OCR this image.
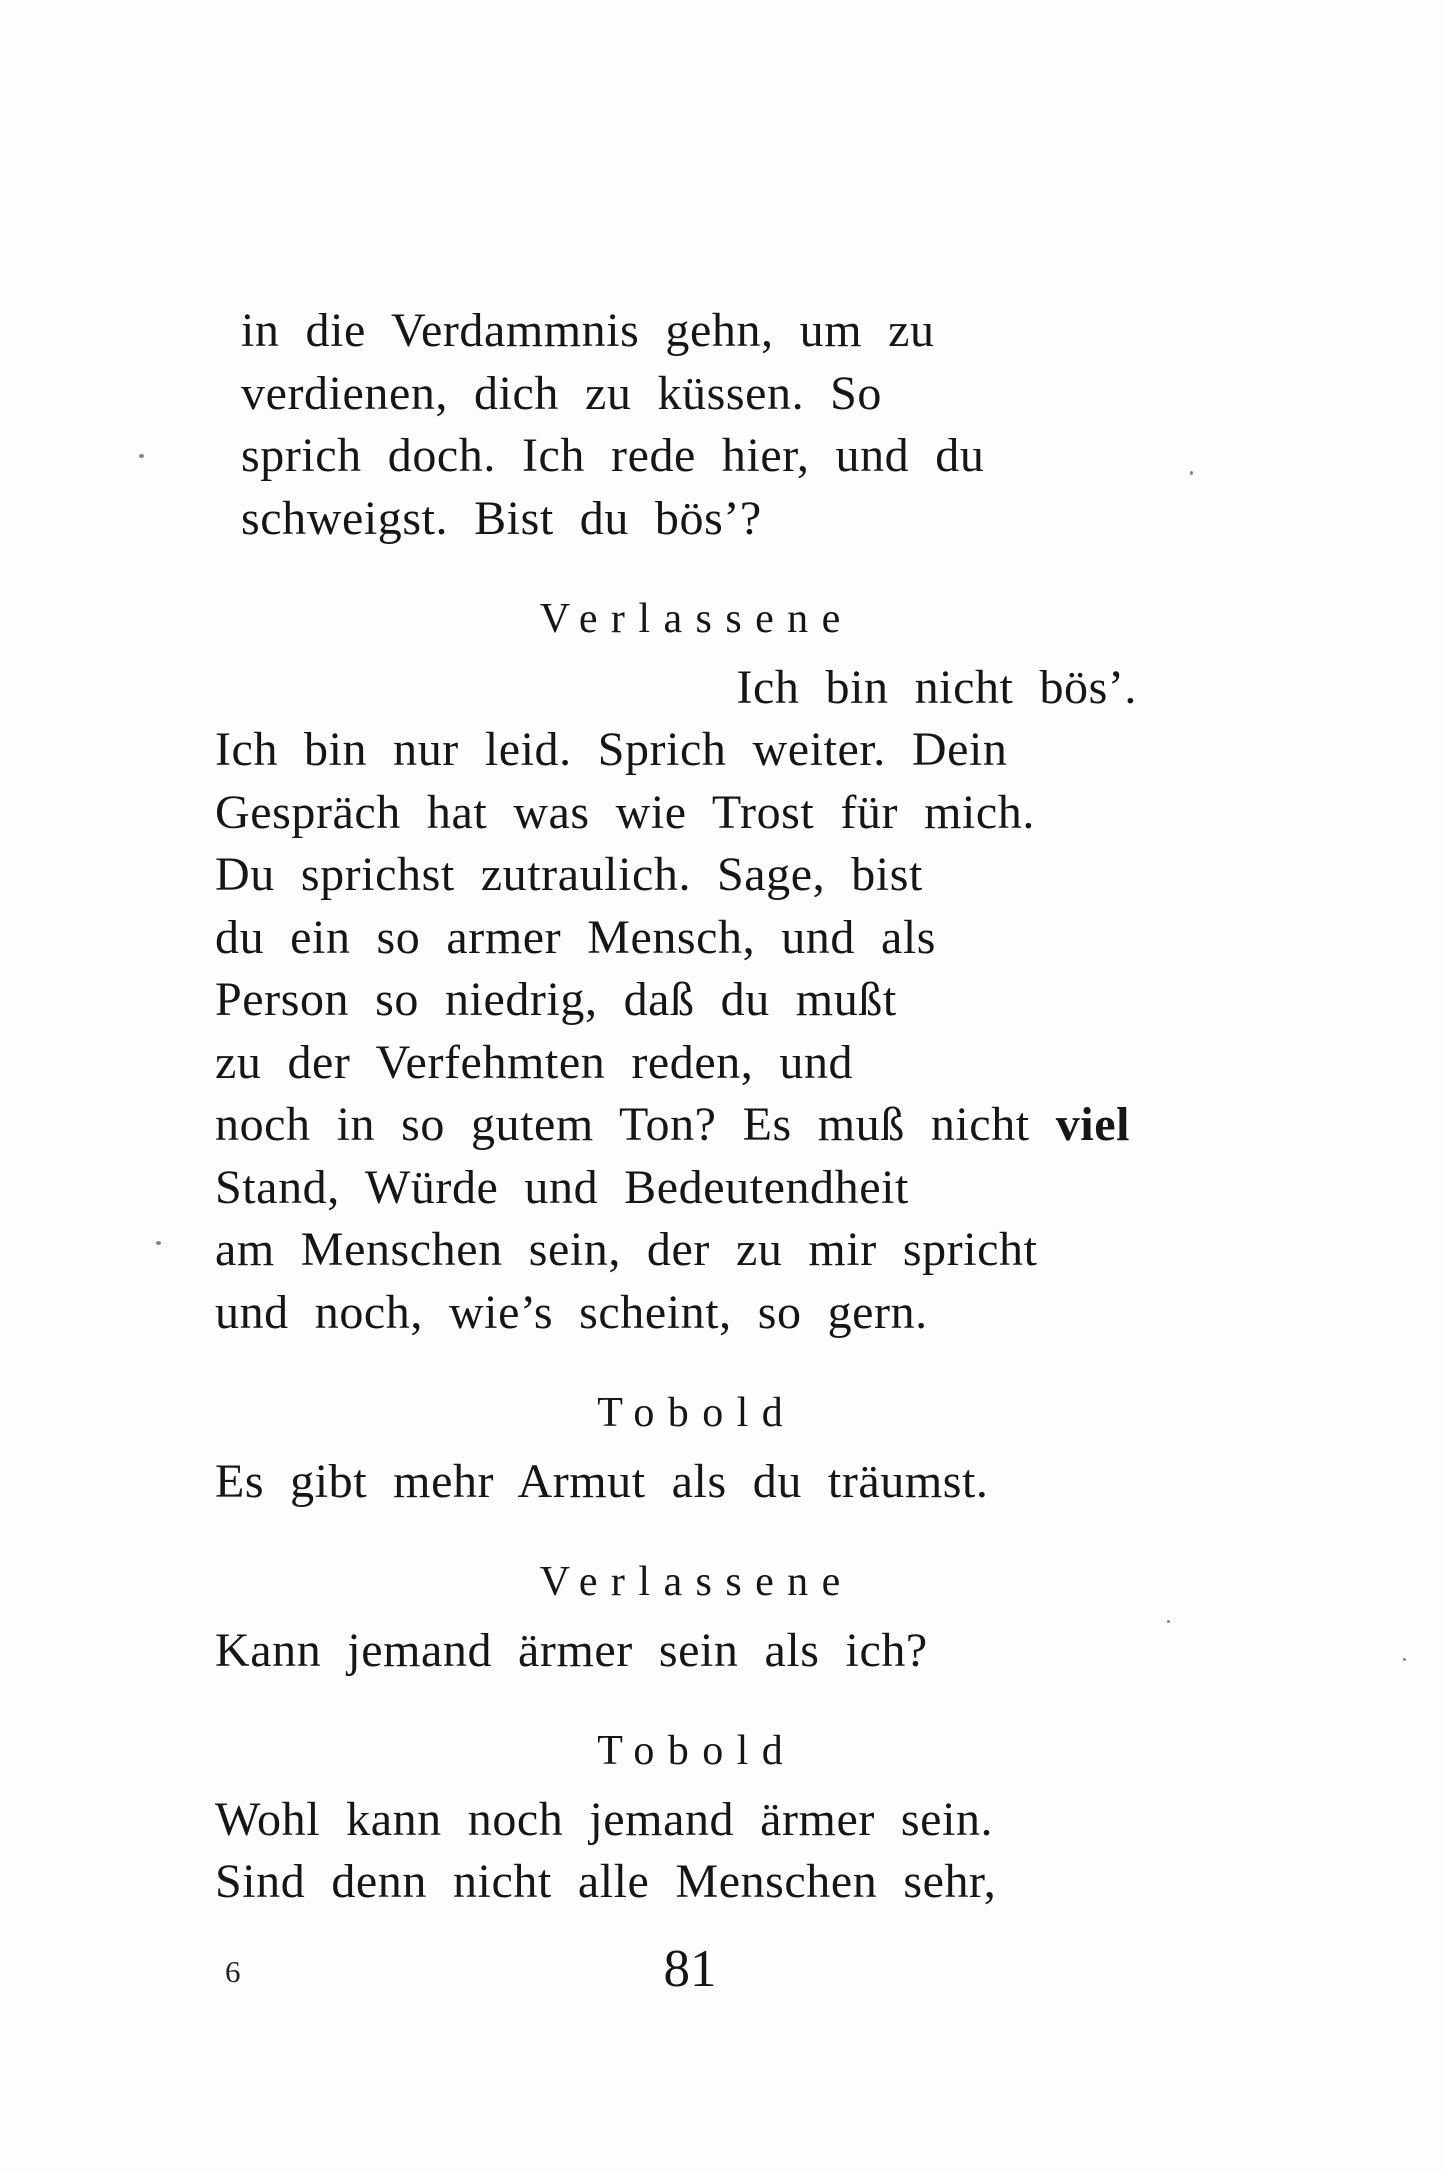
in die Verdammnis gehn, um zu
verdienen, dich zu küssen. So
sprich doch. Ich rede hier, und du
schweigst. Bist du bös’?
Verlassene
Ich bin nicht bös’.
Ich bin nur leid. Sprich weiter. Dein
Gespräch hat was wie Trost für mich.
Du sprichst zutraulich. Sage, bist
du ein so armer Mensch, und als
Person so niedrig, daß du mußt
zu der Verfehmten reden, und
noch in so gutem Ton? Es muß nicht viel
Stand, Würde und Bedeutendheit
am Menschen sein, der zu mir spricht
und noch, wie’s scheint, so gern.
Tobold
Es gibt mehr Armut als du träumst.
Verlassene
Kann jemand ärmer sein als ich?
Tobold
Wohl kann noch jemand ärmer sein.
Sind denn nicht alle Menschen sehr,
6	81
